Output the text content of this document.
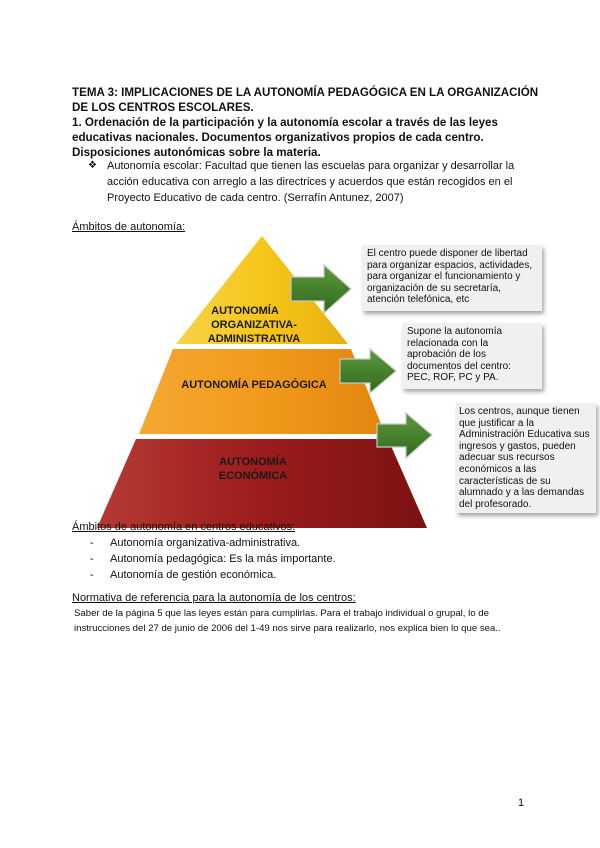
TEMA 3: IMPLICACIONES DE LA AUTONOMÍA PEDAGÓGICA EN LA ORGANIZACIÓN DE LOS CENTROS ESCOLARES.

1. Ordenación de la participación y la autonomía escolar a través de las leyes educativas nacionales. Documentos organizativos propios de cada centro. Disposiciones autonómicas sobre la materia.

❖ Autonomía escolar: Facultad que tienen las escuelas para organizar y desarrollar la acción educativa con arreglo a las directrices y acuerdos que están recogidos en el Proyecto Educativo de cada centro. (Serrafín Antunez, 2007)
Ámbitos de autonomía:
AUTONOMÍA
ORGANIZATIVA-
ADMINISTRATIVA
AUTONOMÍA PEDAGÓGICA
AUTONOMÍA
ECONÓMICA
El centro puede disponer de libertad
para organizar espacios, actividades,
para organizar el funcionamiento y
organización de su secretaría,
atención telefónica, etc
Supone la autonomía
relacionada con la
aprobación de los
documentos del centro:
PEC, ROF, PC y PA.
Los centros, aunque tienen
que justificar a la
Administración Educativa sus
ingresos y gastos, pueden
adecuar sus recursos
económicos a las
características de su
alumnado y a las demandas
del profesorado.
Ámbitos de autonomía en centros educativos:
- Autonomía organizativa-administrativa.
- Autonomía pedagógica: Es la más importante.
- Autonomía de gestión económica.
Normativa de referencia para la autonomía de los centros:
Saber de la página 5 que las leyes están para cumplirlas. Para el trabajo individual o grupal, lo de instrucciones del 27 de junio de 2006 del 1-49 nos sirve para realizarlo, nos explica bien lo que sea..
1
